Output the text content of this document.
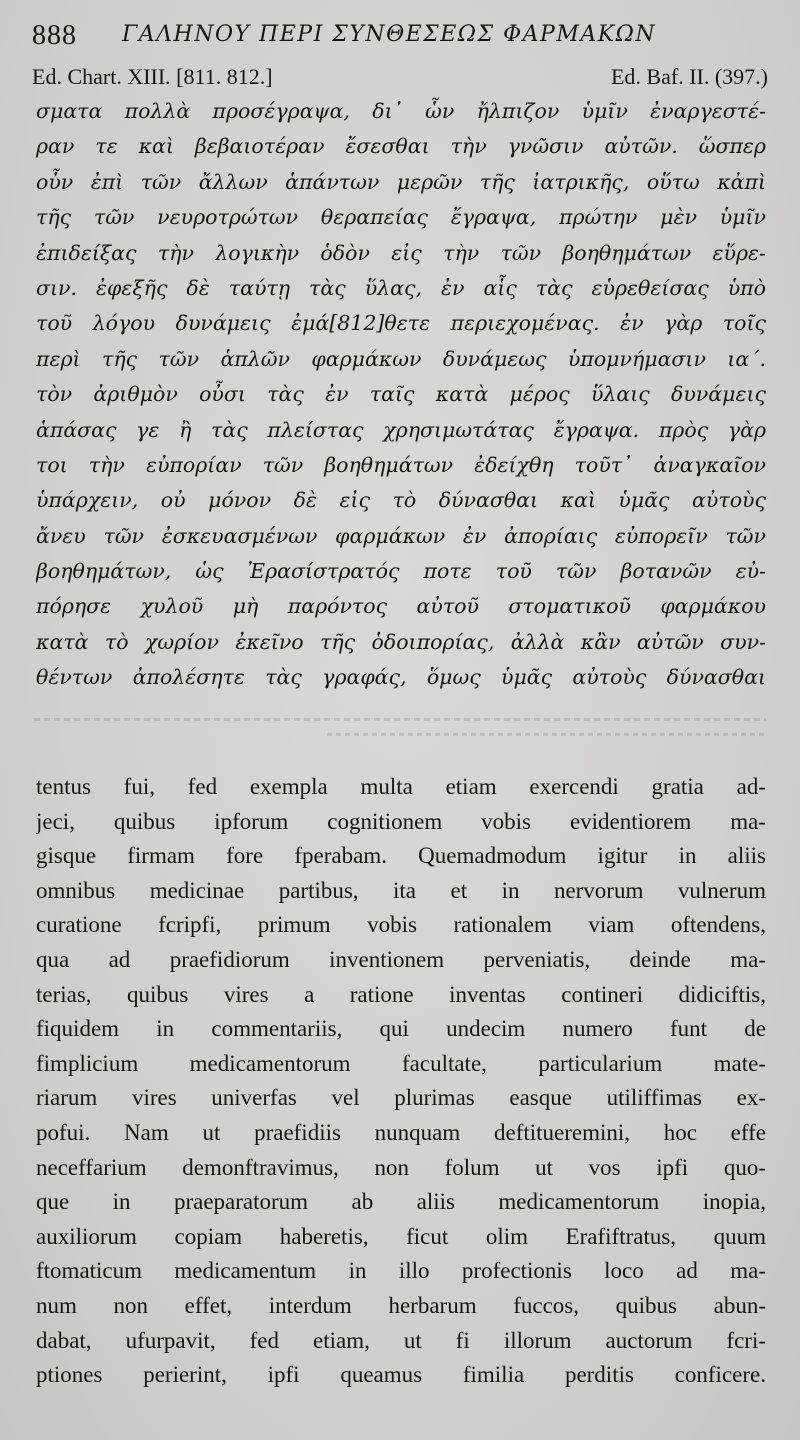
888 ΓΑΛΗΝΟΥ ΠΕΡΙ ΣΥΝΘΕΣΕΩΣ ΦΑΡΜΑΚΩΝ
Ed. Chart. XIII. [811. 812.]	Ed. Baf. II. (397.)
σματα πολλὰ προσέγραψα, δι᾽ ὧν ἤλπιζον ὑμῖν ἐναργεστέ-
ραν τε καὶ βεβαιοτέραν ἔσεσθαι τὴν γνῶσιν αὐτῶν. ὥσπερ
οὖν ἐπὶ τῶν ἄλλων ἁπάντων μερῶν τῆς ἰατρικῆς, οὕτω κἀπὶ
τῆς τῶν νευροτρώτων θεραπείας ἔγραψα, πρώτην μὲν ὑμῖν
ἐπιδείξας τὴν λογικὴν ὁδὸν εἰς τὴν τῶν βοηθημάτων εὕρε-
σιν. ἐφεξῆς δὲ ταύτῃ τὰς ὕλας, ἐν αἷς τὰς εὑρεθείσας ὑπὸ
τοῦ λόγου δυνάμεις ἐμά[812]θετε περιεχομένας. ἐν γὰρ τοῖς
περὶ τῆς τῶν ἁπλῶν φαρμάκων δυνάμεως ὑπομνήμασιν ια΄.
τὸν ἀριθμὸν οὖσι τὰς ἐν ταῖς κατὰ μέρος ὕλαις δυνάμεις
ἁπάσας γε ἢ τὰς πλείστας χρησιμωτάτας ἔγραψα. πρὸς γὰρ
τοι τὴν εὐπορίαν τῶν βοηθημάτων ἐδείχθη τοῦτ᾽ ἀναγκαῖον
ὑπάρχειν, οὐ μόνον δὲ εἰς τὸ δύνασθαι καὶ ὑμᾶς αὐτοὺς
ἄνευ τῶν ἐσκευασμένων φαρμάκων ἐν ἀπορίαις εὐπορεῖν τῶν
βοηθημάτων, ὡς Ἐρασίστρατός ποτε τοῦ τῶν βοτανῶν εὐ-
πόρησε χυλοῦ μὴ παρόντος αὐτοῦ στοματικοῦ φαρμάκου
κατὰ τὸ χωρίον ἐκεῖνο τῆς ὁδοιπορίας, ἀλλὰ κἂν αὐτῶν συν-
θέντων ἀπολέσητε τὰς γραφάς, ὅμως ὑμᾶς αὐτοὺς δύνασθαι
tentus fui, fed exempla multa etiam exercendi gratia ad-
jeci, quibus ipforum cognitionem vobis evidentiorem ma-
gisque firmam fore fperabam. Quemadmodum igitur in aliis
omnibus medicinae partibus, ita et in nervorum vulnerum
curatione fcripfi, primum vobis rationalem viam oftendens,
qua ad praefidiorum inventionem perveniatis, deinde ma-
terias, quibus vires a ratione inventas contineri didiciftis,
fiquidem in commentariis, qui undecim numero funt de
fimplicium medicamentorum facultate, particularium mate-
riarum vires univerfas vel plurimas easque utiliffimas ex-
pofui. Nam ut praefidiis nunquam deftitueremini, hoc effe
neceffarium demonftravimus, non folum ut vos ipfi quo-
que in praeparatorum ab aliis medicamentorum inopia,
auxiliorum copiam haberetis, ficut olim Erafiftratus, quum
ftomaticum medicamentum in illo profectionis loco ad ma-
num non effet, interdum herbarum fuccos, quibus abun-
dabat, ufurpavit, fed etiam, ut fi illorum auctorum fcri-
ptiones perierint, ipfi queamus fimilia perditis conficere.
